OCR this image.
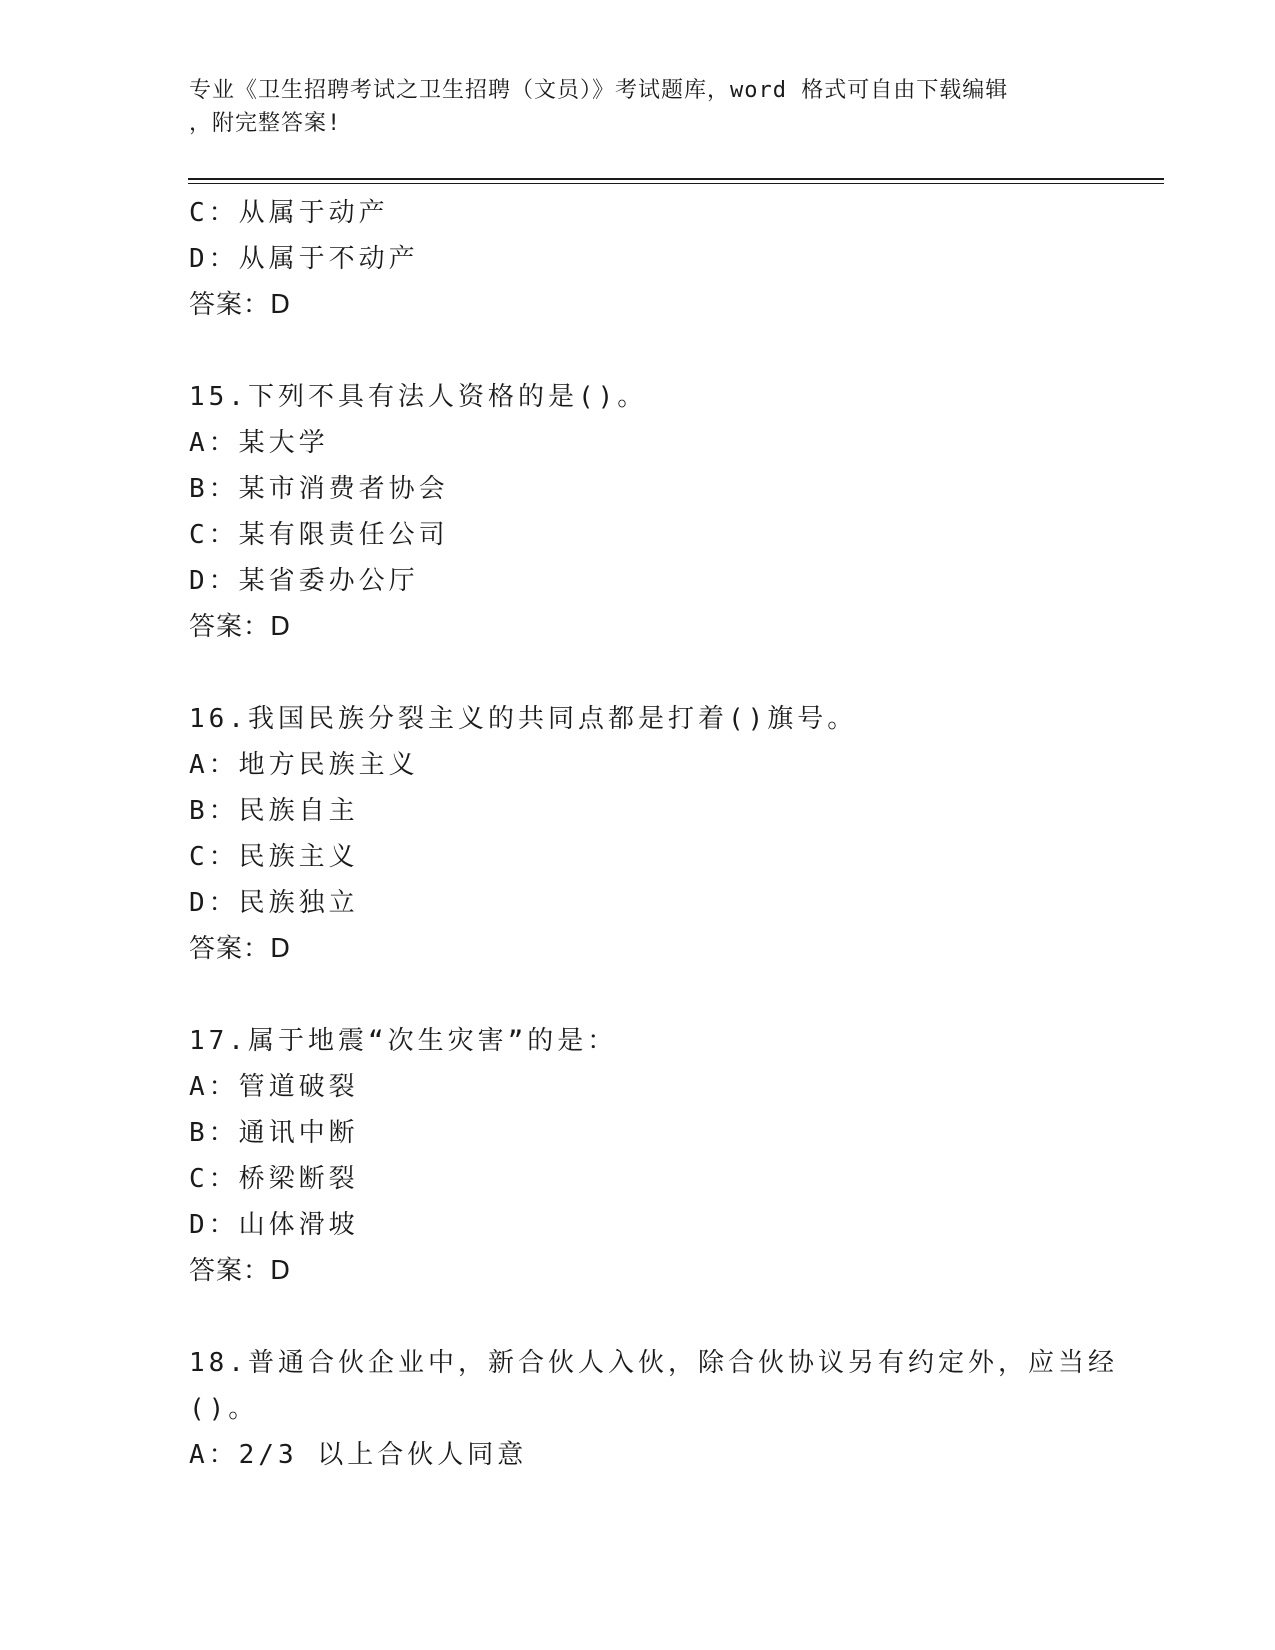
专业《卫生招聘考试之卫生招聘（文员）》考试题库，word 格式可自由下载编辑
，附完整答案!
C：从属于动产
D：从属于不动产
答案：D
15.下列不具有法人资格的是()。
A：某大学
B：某市消费者协会
C：某有限责任公司
D：某省委办公厅
答案：D
16.我国民族分裂主义的共同点都是打着()旗号。
A：地方民族主义
B：民族自主
C：民族主义
D：民族独立
答案：D
17.属于地震“次生灾害”的是：
A：管道破裂
B：通讯中断
C：桥梁断裂
D：山体滑坡
答案：D
18.普通合伙企业中，新合伙人入伙，除合伙协议另有约定外，应当经
()。
A：2/3 以上合伙人同意
